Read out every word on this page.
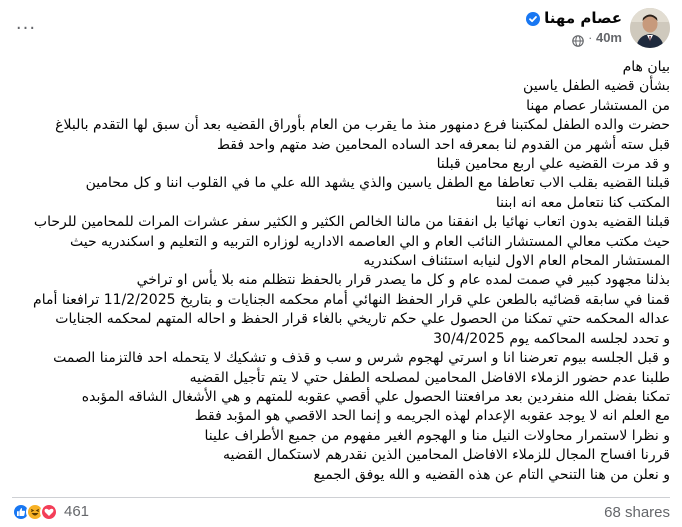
···	عصام مهنا
40m
·

بيان هام

بشأن قضيه الطفل ياسين

من المستشار عصام مهنا

حضرت والده الطفل لمكتبنا فرع دمنهور منذ ما يقرب من العام بأوراق القضيه بعد أن سبق لها التقدم بالبلاغ

قبل سته أشهر من القدوم لنا بمعرفه احد الساده المحامين ضد متهم واحد فقط

و قد مرت القضيه علي اربع محامين قبلنا

قبلنا القضيه بقلب الاب تعاطفا مع الطفل ياسين والذي يشهد الله علي ما في القلوب اننا و كل محامين

المكتب كنا نتعامل معه انه ابننا

قبلنا القضيه بدون اتعاب نهائيا بل انفقنا من مالنا الخالص الكثير و الكثير سفر عشرات المرات للمحامين للرحاب

حيث مكتب معالي المستشار النائب العام و الي العاصمه الاداريه لوزاره التربيه و التعليم و اسكندريه حيث

المستشار المحام العام الاول لنيابه استئناف اسكندريه

بذلنا مجهود كبير في صمت لمده عام و كل ما يصدر قرار بالحفظ نتظلم منه بلا يأس او تراخي

قمنا في سابقه قضائيه بالطعن علي قرار الحفظ النهائي أمام محكمه الجنايات و بتاريخ 11/2/2025 ترافعنا أمام

عداله المحكمه حتي تمكنا من الحصول علي حكم تاريخي بالغاء قرار الحفظ و احاله المتهم لمحكمه الجنايات

و تحدد لجلسه المحاكمه يوم 30/4/2025

و قبل الجلسه بيوم تعرضنا انا و اسرتي لهجوم شرس و سب و قذف و تشكيك لا يتحمله احد فالتزمنا الصمت

طلبنا عدم حضور الزملاء الافاضل المحامين لمصلحه الطفل حتي لا يتم تأجيل القضيه

تمكنا بفضل الله منفردين بعد مرافعتنا الحصول علي أقصي عقوبه للمتهم و هي الأشغال الشاقه المؤبده

مع العلم انه لا يوجد عقوبه الإعدام لهذه الجريمه و إنما الحد الاقصي هو المؤبد فقط

و نظرا لاستمرار محاولات النيل منا و الهجوم الغير مفهوم من جميع الأطراف علينا

قررنا افساح المجال للزملاء الافاضل المحامين الذين نقدرهم لاستكمال القضيه

و نعلن من هنا التنحي التام عن هذه القضيه و الله يوفق الجميع

461	68 shares
